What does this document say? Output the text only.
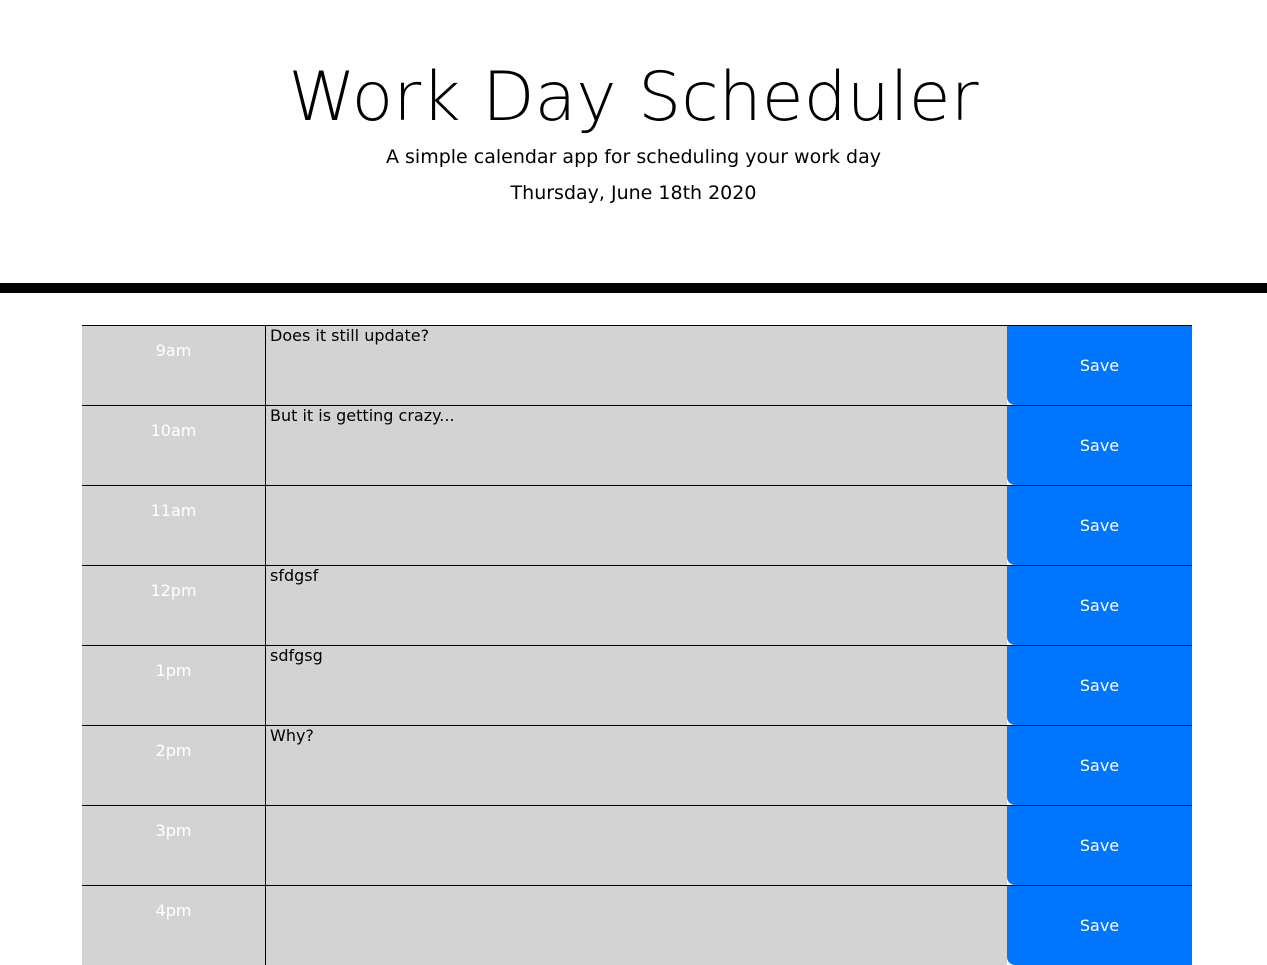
Work Day Scheduler

A simple calendar app for scheduling your work day

Thursday, June 18th 2020

9am
Does it still update?
Save
10am
But it is getting crazy...
Save
11am
Save
12pm
sfdgsf
Save
1pm
sdfgsg
Save
2pm
Why?
Save
3pm
Save
4pm
Save
